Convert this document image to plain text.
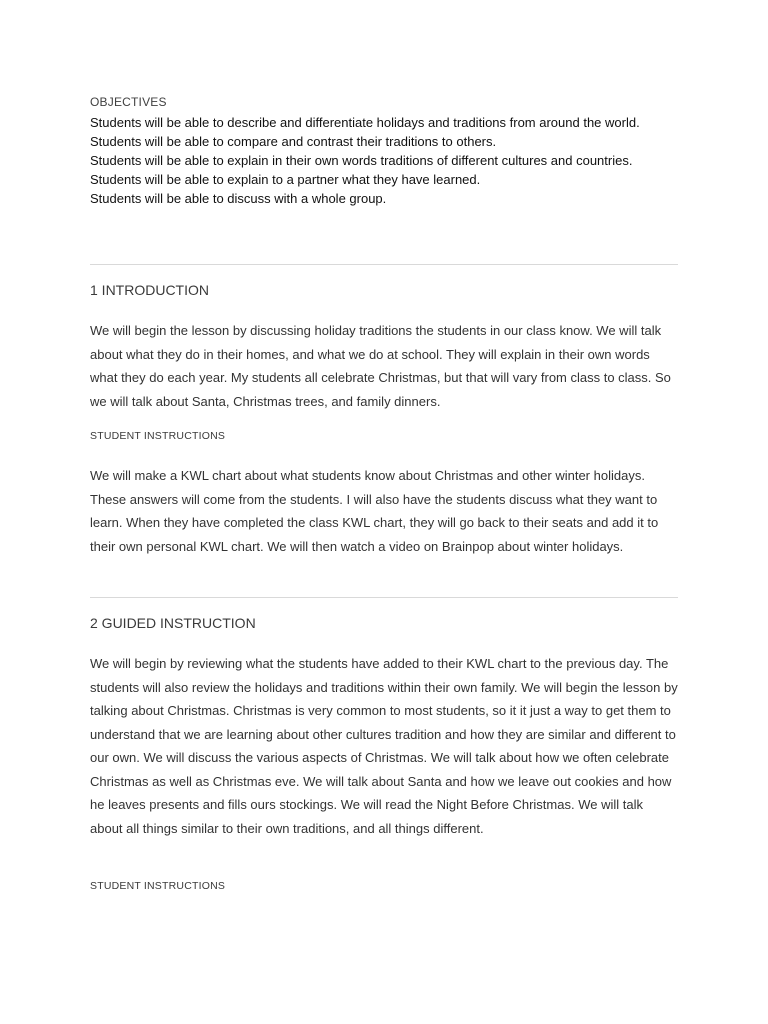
OBJECTIVES
Students will be able to describe and differentiate holidays and traditions from around the world.
Students will be able to compare and contrast their traditions to others.
Students will be able to explain in their own words traditions of different cultures and countries.
Students will be able to explain to a partner what they have learned.
Students will be able to discuss with a whole group.
1 INTRODUCTION

We will begin the lesson by discussing holiday traditions the students in our class know. We will talk about what they do in their homes, and what we do at school. They will explain in their own words what they do each year. My students all celebrate Christmas, but that will vary from class to class. So we will talk about Santa, Christmas trees, and family dinners.

STUDENT INSTRUCTIONS

We will make a KWL chart about what students know about Christmas and other winter holidays. These answers will come from the students. I will also have the students discuss what they want to learn. When they have completed the class KWL chart, they will go back to their seats and add it to their own personal KWL chart. We will then watch a video on Brainpop about winter holidays.

2 GUIDED INSTRUCTION

We will begin by reviewing what the students have added to their KWL chart to the previous day. The students will also review the holidays and traditions within their own family. We will begin the lesson by talking about Christmas. Christmas is very common to most students, so it it just a way to get them to understand that we are learning about other cultures tradition and how they are similar and different to our own. We will discuss the various aspects of Christmas. We will talk about how we often celebrate Christmas as well as Christmas eve. We will talk about Santa and how we leave out cookies and how he leaves presents and fills ours stockings. We will read the Night Before Christmas. We will talk about all things similar to their own traditions, and all things different.

STUDENT INSTRUCTIONS
